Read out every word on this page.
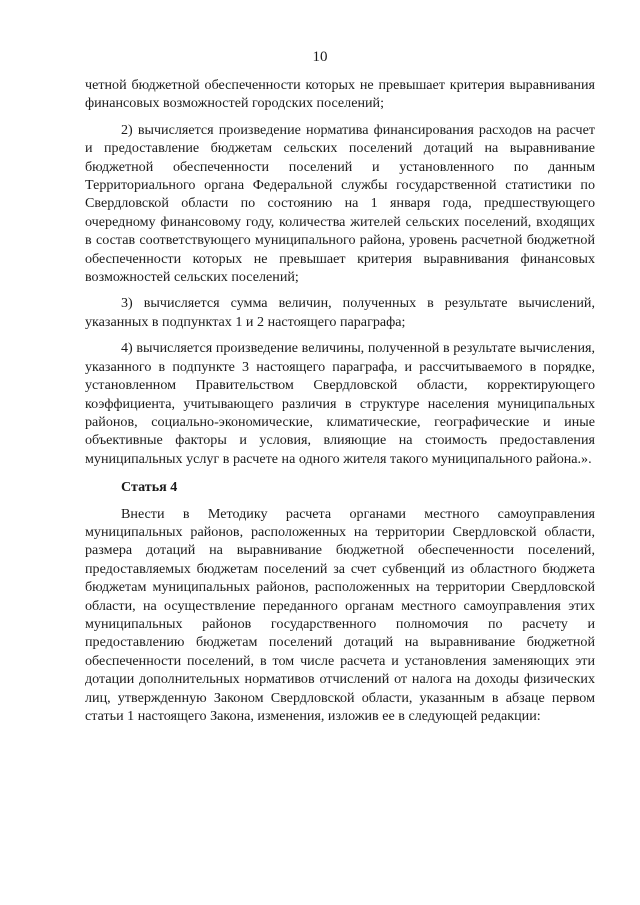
10

четной бюджетной обеспеченности которых не превышает критерия выравнивания финансовых возможностей городских поселений;

2) вычисляется произведение норматива финансирования расходов на расчет и предоставление бюджетам сельских поселений дотаций на выравнивание бюджетной обеспеченности поселений и установленного по данным Территориального органа Федеральной службы государственной статистики по Свердловской области по состоянию на 1 января года, предшествующего очередному финансовому году, количества жителей сельских поселений, входящих в состав соответствующего муниципального района, уровень расчетной бюджетной обеспеченности которых не превышает критерия выравнивания финансовых возможностей сельских поселений;

3) вычисляется сумма величин, полученных в результате вычислений, указанных в подпунктах 1 и 2 настоящего параграфа;

4) вычисляется произведение величины, полученной в результате вычисления, указанного в подпункте 3 настоящего параграфа, и рассчитываемого в порядке, установленном Правительством Свердловской области, корректирующего коэффициента, учитывающего различия в структуре населения муниципальных районов, социально-экономические, климатические, географические и иные объективные факторы и условия, влияющие на стоимость предоставления муниципальных услуг в расчете на одного жителя такого муниципального района.».

Статья 4

Внести в Методику расчета органами местного самоуправления муниципальных районов, расположенных на территории Свердловской области, размера дотаций на выравнивание бюджетной обеспеченности поселений, предоставляемых бюджетам поселений за счет субвенций из областного бюджета бюджетам муниципальных районов, расположенных на территории Свердловской области, на осуществление переданного органам местного самоуправления этих муниципальных районов государственного полномочия по расчету и предоставлению бюджетам поселений дотаций на выравнивание бюджетной обеспеченности поселений, в том числе расчета и установления заменяющих эти дотации дополнительных нормативов отчислений от налога на доходы физических лиц, утвержденную Законом Свердловской области, указанным в абзаце первом статьи 1 настоящего Закона, изменения, изложив ее в следующей редакции:
